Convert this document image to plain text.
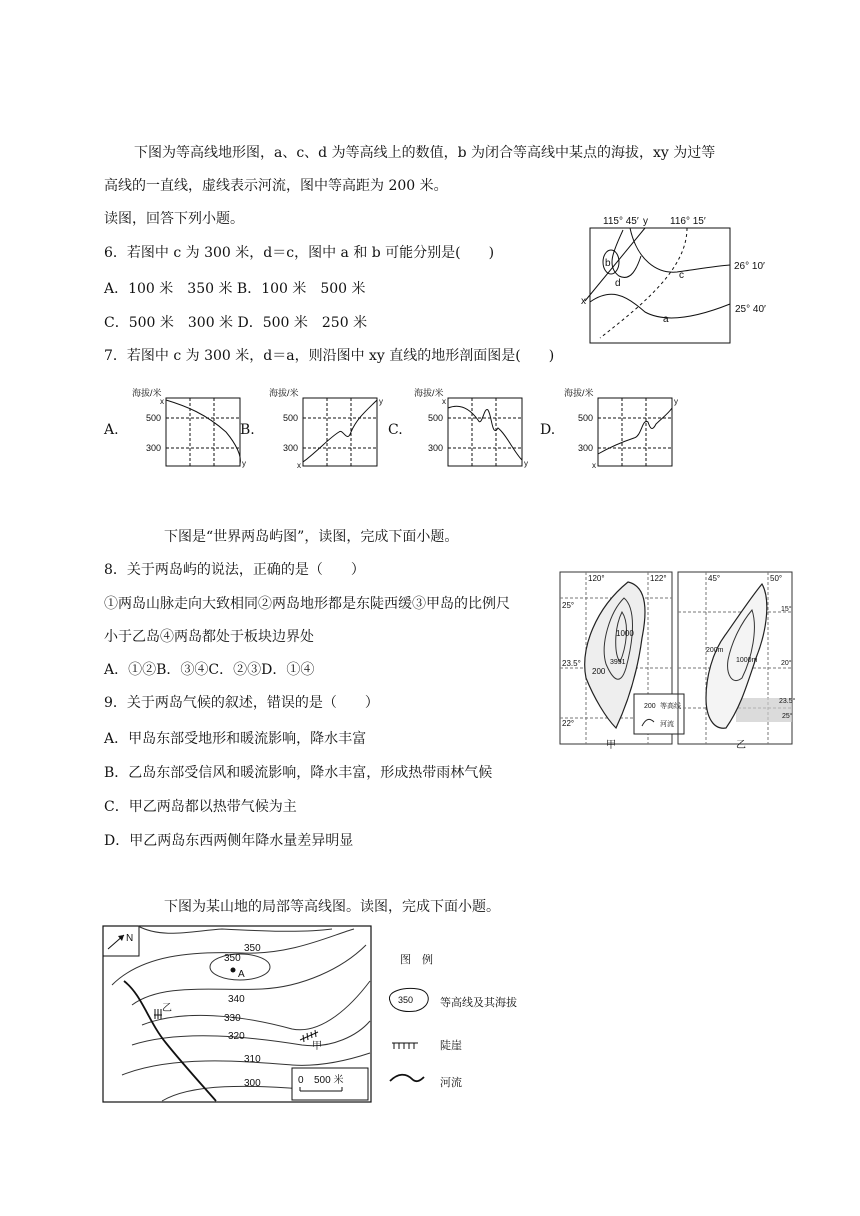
下图为等高线地形图，a、c、d 为等高线上的数值，b 为闭合等高线中某点的海拔，xy 为过等
高线的一直线，虚线表示河流，图中等高距为 200 米。
读图，回答下列小题。
6．若图中 c 为 300 米，d＝c，图中 a 和 b 可能分别是(　　)
A．100 米　350 米 B．100 米　500 米
C．500 米　300 米 D．500 米　250 米
7．若图中 c 为 300 米，d＝a，则沿图中 xy 直线的地形剖面图是(　　)
115° 45′ y 116° 15′
26° 10′
25° 40′
b
d
c
a
x
A.
海拔/米
500
300
x
y
B.
海拔/米
500
300
x
y
C.
海拔/米
500
300
x
y
D.
海拔/米
500
300
x
y
下图是“世界两岛屿图”，读图，完成下面小题。
8．关于两岛屿的说法，正确的是（　　）
①两岛山脉走向大致相同②两岛地形都是东陡西缓③甲岛的比例尺
小于乙岛④两岛都处于板块边界处
A．①②B．③④C．②③D．①④
9．关于两岛气候的叙述，错误的是（　　）
A．甲岛东部受地形和暖流影响，降水丰富
B．乙岛东部受信风和暖流影响，降水丰富，形成热带雨林气候
C．甲乙两岛都以热带气候为主
D．甲乙两岛东西两侧年降水量差异明显
120°	122°
25°
23.5°
22°
1000
3951
200
200 等高线
河流
甲
45°	50°
15°
20°
23.5°
25°
200m
1000m
乙
下图为某山地的局部等高线图。读图，完成下面小题。
N
350
350
A
340
330
320
310
300
乙
甲
0 500 米
图　例
350 等高线及其海拔
陡崖
河流
